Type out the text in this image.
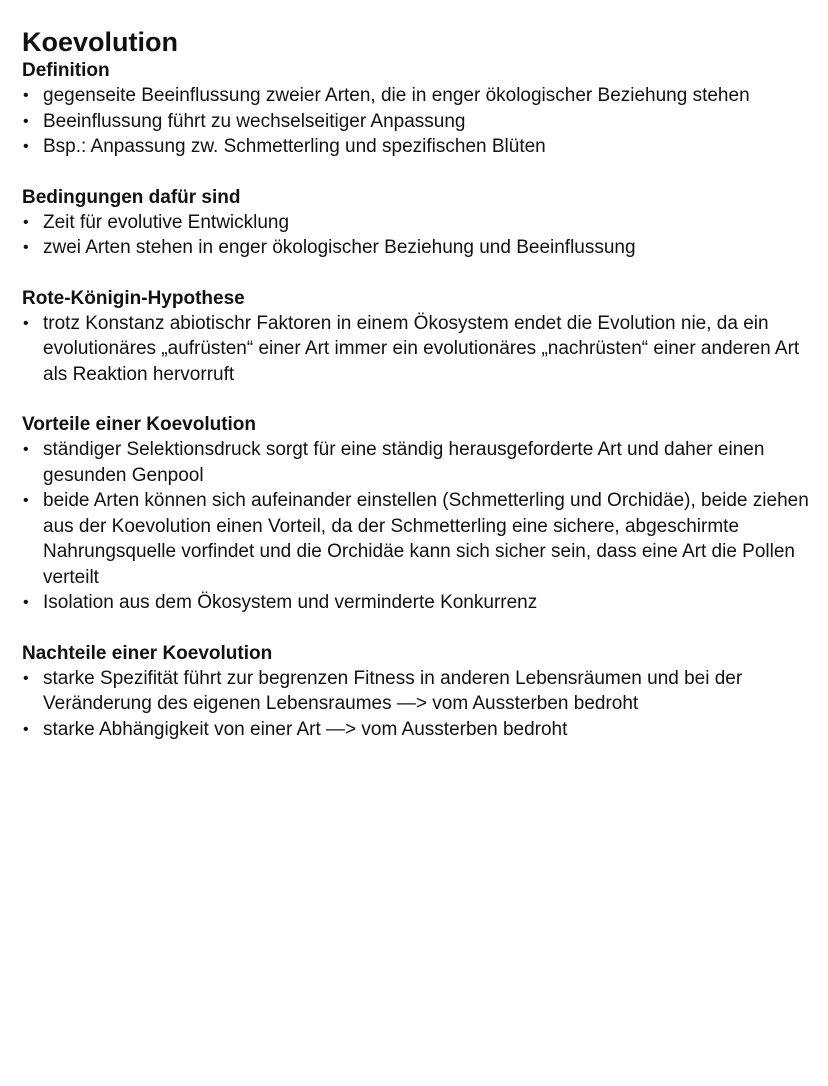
Koevolution
Definition
• gegenseite Beeinflussung zweier Arten, die in enger ökologischer Beziehung stehen
• Beeinflussung führt zu wechselseitiger Anpassung
• Bsp.: Anpassung zw. Schmetterling und spezifischen Blüten
Bedingungen dafür sind
• Zeit für evolutive Entwicklung
• zwei Arten stehen in enger ökologischer Beziehung und Beeinflussung
Rote-Königin-Hypothese
• trotz Konstanz abiotischr Faktoren in einem Ökosystem endet die Evolution nie, da ein evolutionäres „aufrüsten“ einer Art immer ein evolutionäres „nachrüsten“ einer anderen Art als Reaktion hervorruft
Vorteile einer Koevolution
• ständiger Selektionsdruck sorgt für eine ständig herausgeforderte Art und daher einen gesunden Genpool
• beide Arten können sich aufeinander einstellen (Schmetterling und Orchidäe), beide ziehen aus der Koevolution einen Vorteil, da der Schmetterling eine sichere, abgeschirmte Nahrungsquelle vorfindet und die Orchidäe kann sich sicher sein, dass eine Art die Pollen verteilt
• Isolation aus dem Ökosystem und verminderte Konkurrenz
Nachteile einer Koevolution
• starke Spezifität führt zur begrenzen Fitness in anderen Lebensräumen und bei der Veränderung des eigenen Lebensraumes —> vom Aussterben bedroht
• starke Abhängigkeit von einer Art —> vom Aussterben bedroht
